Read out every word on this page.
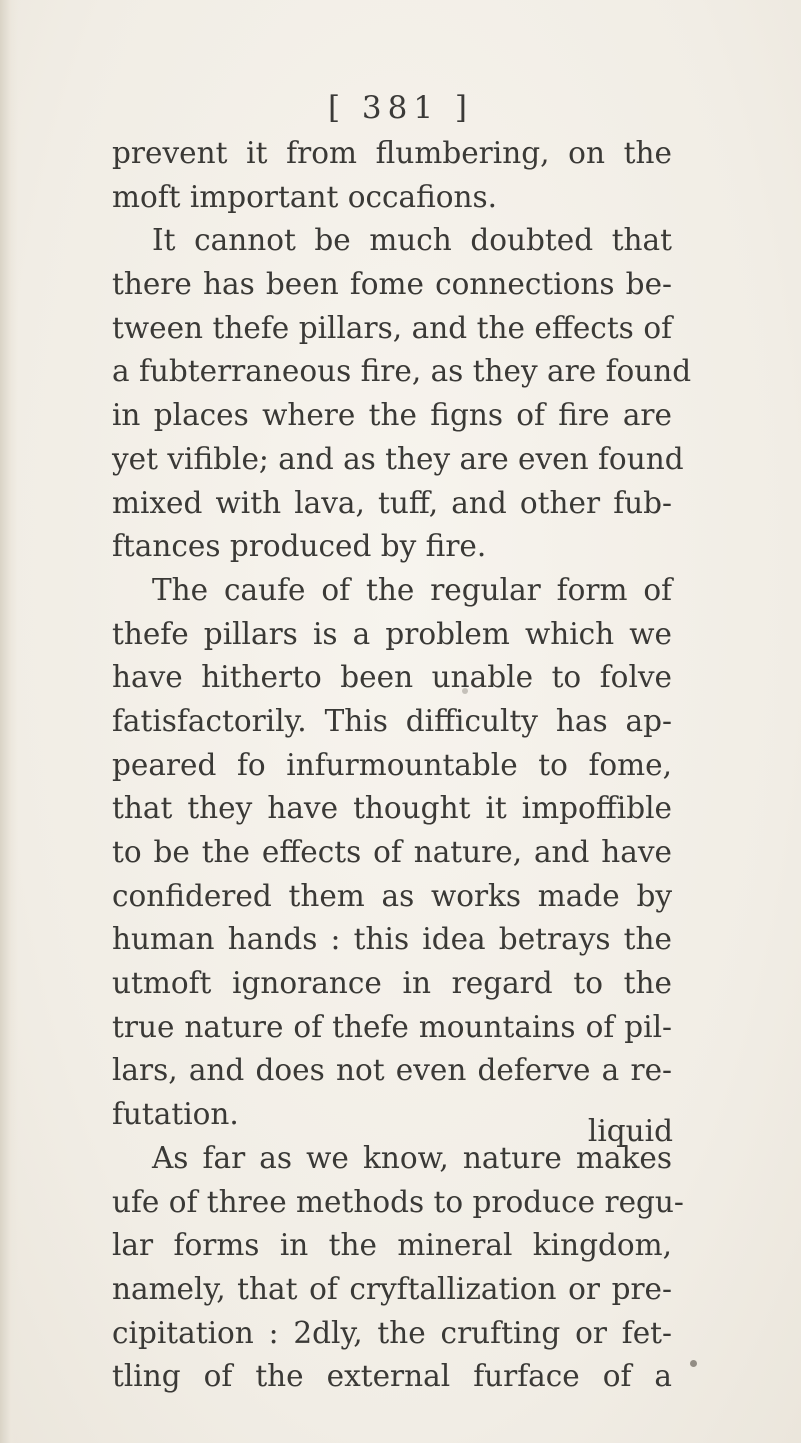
[ 381 ]
prevent it from flumbering, on the
moft important occafions.
It cannot be much doubted that
there has been fome connections be-
tween thefe pillars, and the effects of
a fubterraneous fire, as they are found
in places where the figns of fire are
yet vifible; and as they are even found
mixed with lava, tuff, and other fub-
ftances produced by fire.
The caufe of the regular form of
thefe pillars is a problem which we
have hitherto been unable to folve
fatisfactorily. This difficulty has ap-
peared fo infurmountable to fome,
that they have thought it impoffible
to be the effects of nature, and have
confidered them as works made by
human hands : this idea betrays the
utmoft ignorance in regard to the
true nature of thefe mountains of pil-
lars, and does not even deferve a re-
futation.
As far as we know, nature makes
ufe of three methods to produce regu-
lar forms in the mineral kingdom,
namely, that of cryftallization or pre-
cipitation : 2dly, the crufting or fet-
tling of the external furface of a
liquid
